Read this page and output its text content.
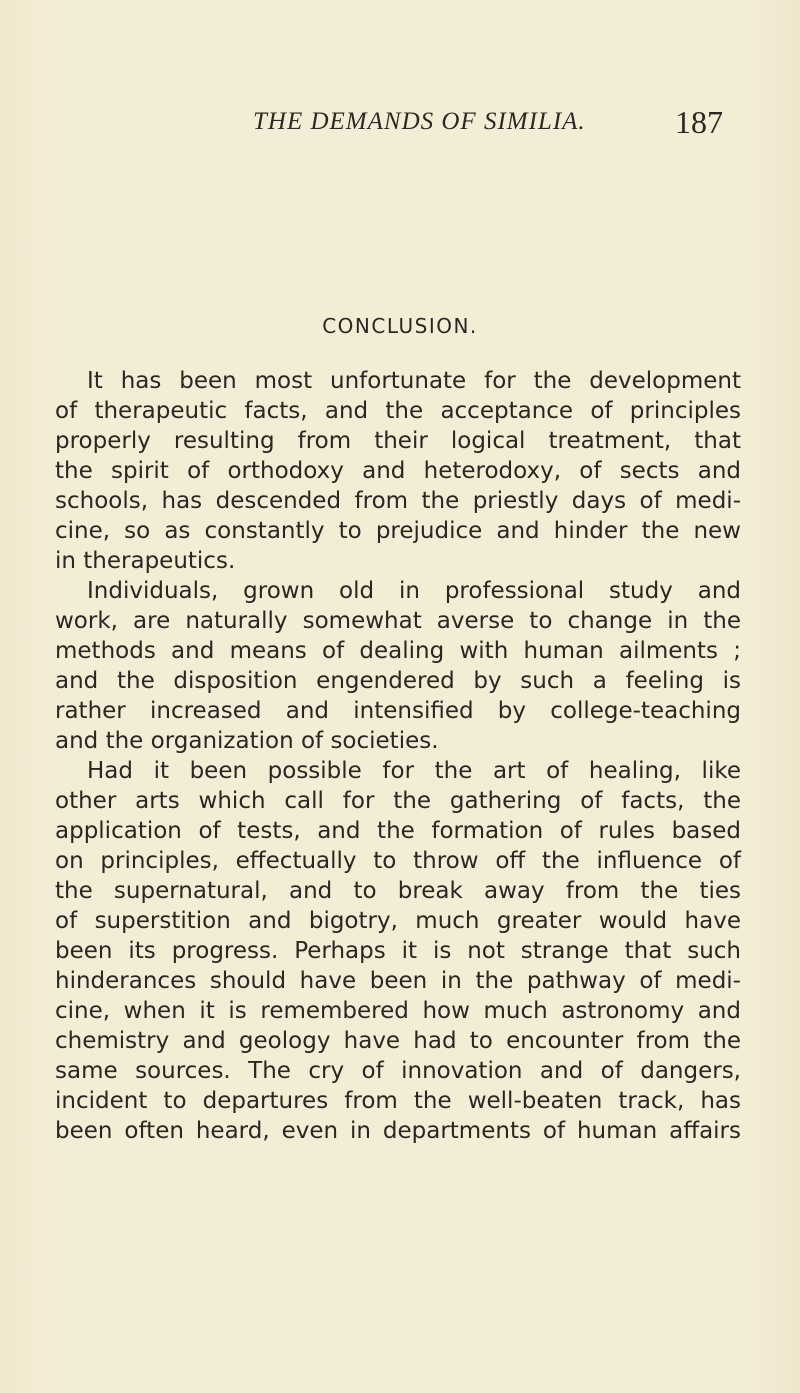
THE DEMANDS OF SIMILIA.	187
CONCLUSION.
It has been most unfortunate for the development
of therapeutic facts, and the acceptance of principles
properly resulting from their logical treatment, that
the spirit of orthodoxy and heterodoxy, of sects and
schools, has descended from the priestly days of medi-
cine, so as constantly to prejudice and hinder the new
in therapeutics.
Individuals, grown old in professional study and
work, are naturally somewhat averse to change in the
methods and means of dealing with human ailments ;
and the disposition engendered by such a feeling is
rather increased and intensified by college-teaching
and the organization of societies.
Had it been possible for the art of healing, like
other arts which call for the gathering of facts, the
application of tests, and the formation of rules based
on principles, effectually to throw off the influence of
the supernatural, and to break away from the ties
of superstition and bigotry, much greater would have
been its progress. Perhaps it is not strange that such
hinderances should have been in the pathway of medi-
cine, when it is remembered how much astronomy and
chemistry and geology have had to encounter from the
same sources. The cry of innovation and of dangers,
incident to departures from the well-beaten track, has
been often heard, even in departments of human affairs
